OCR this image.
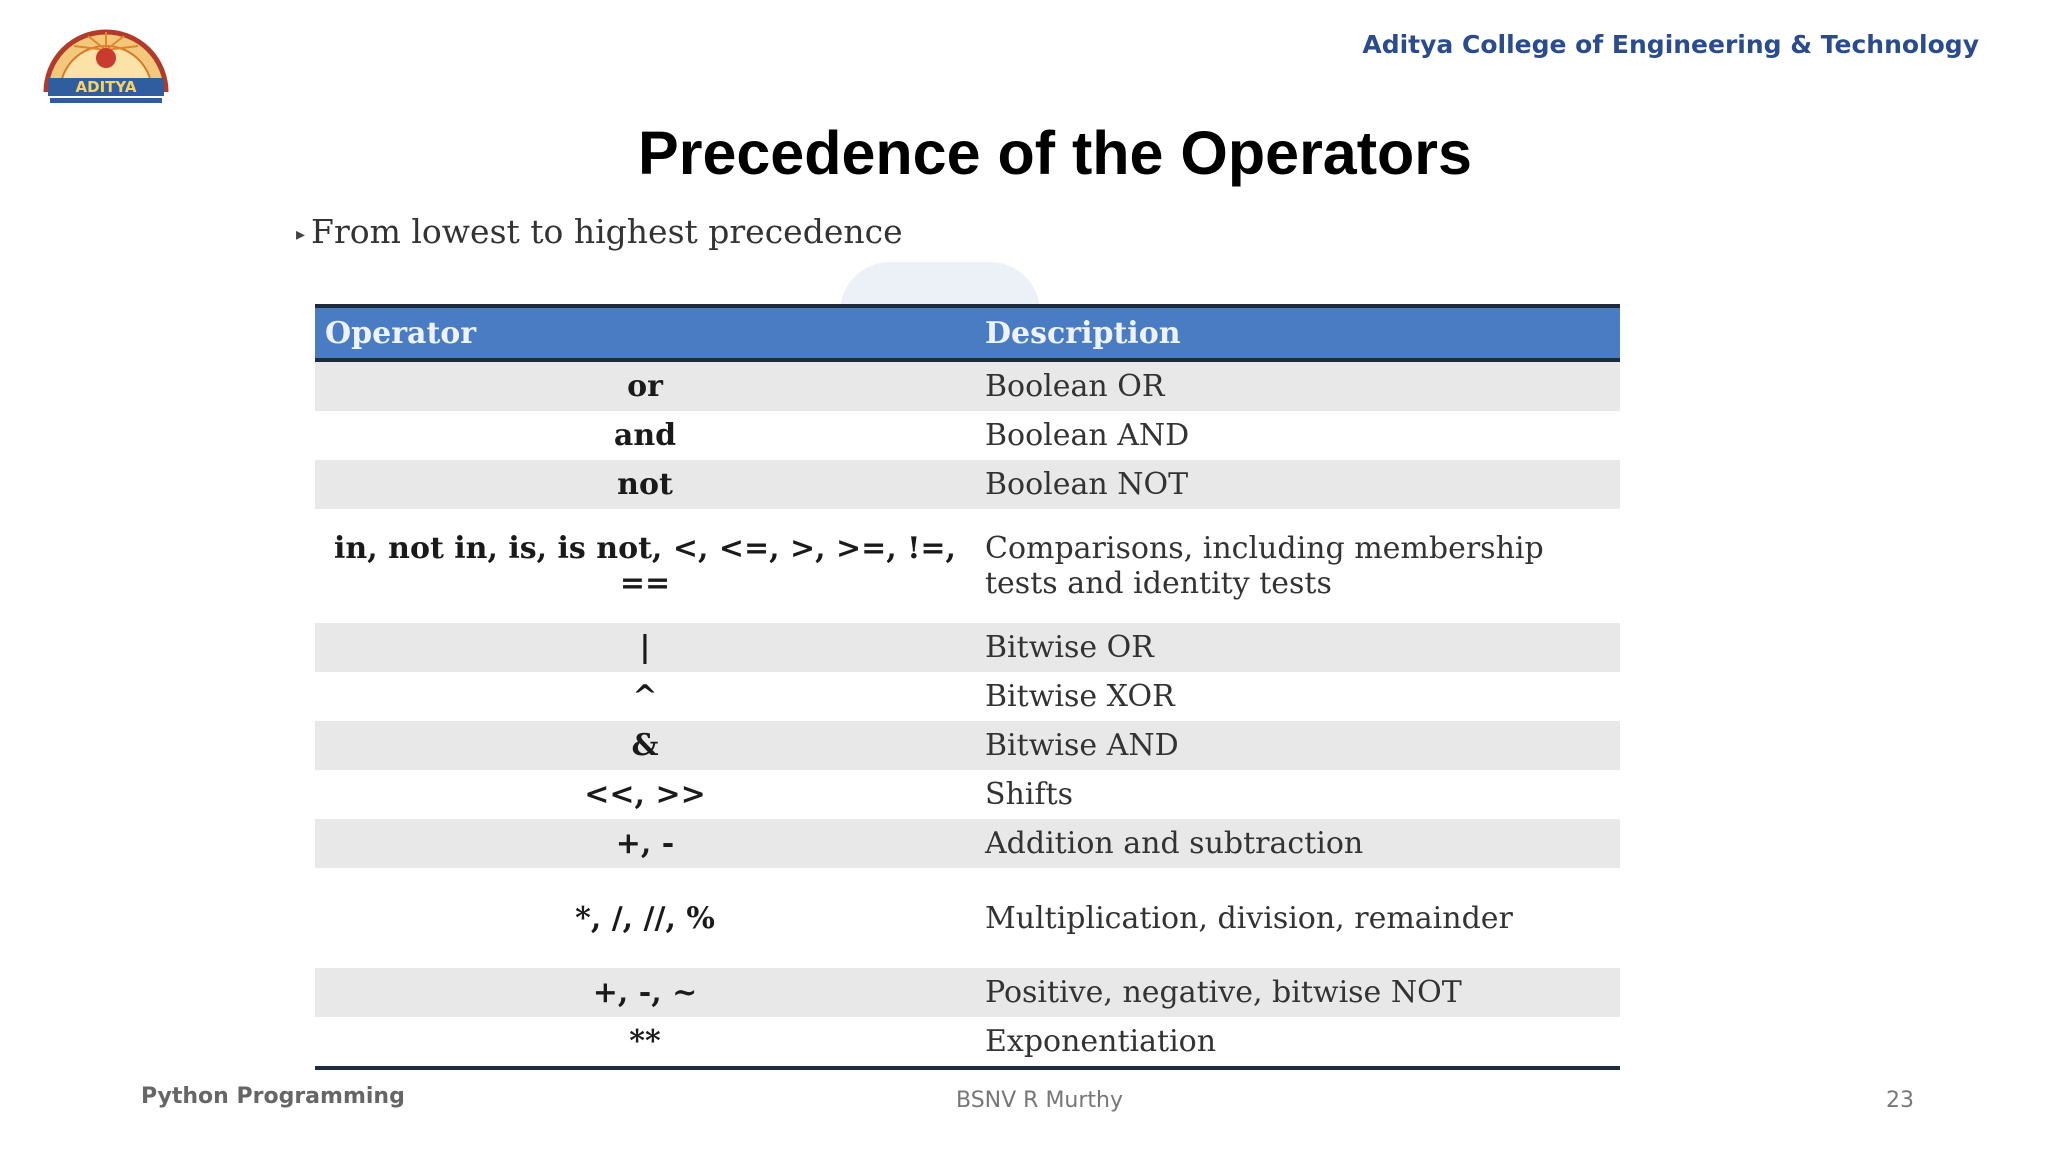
ADITYA
Aditya College of Engineering & Technology
Precedence of the Operators
▸ From lowest to highest precedence
Operator	Description
or	Boolean OR
and	Boolean AND
not	Boolean NOT
in, not in, is, is not, <, <=, >, >=, !=, ==	Comparisons, including membership tests and identity tests
|	Bitwise OR
^	Bitwise XOR
&	Bitwise AND
<<, >>	Shifts
+, -	Addition and subtraction
*, /, //, %	Multiplication, division, remainder
+, -, ~	Positive, negative, bitwise NOT
**	Exponentiation
Python Programming	BSNV R Murthy	23
